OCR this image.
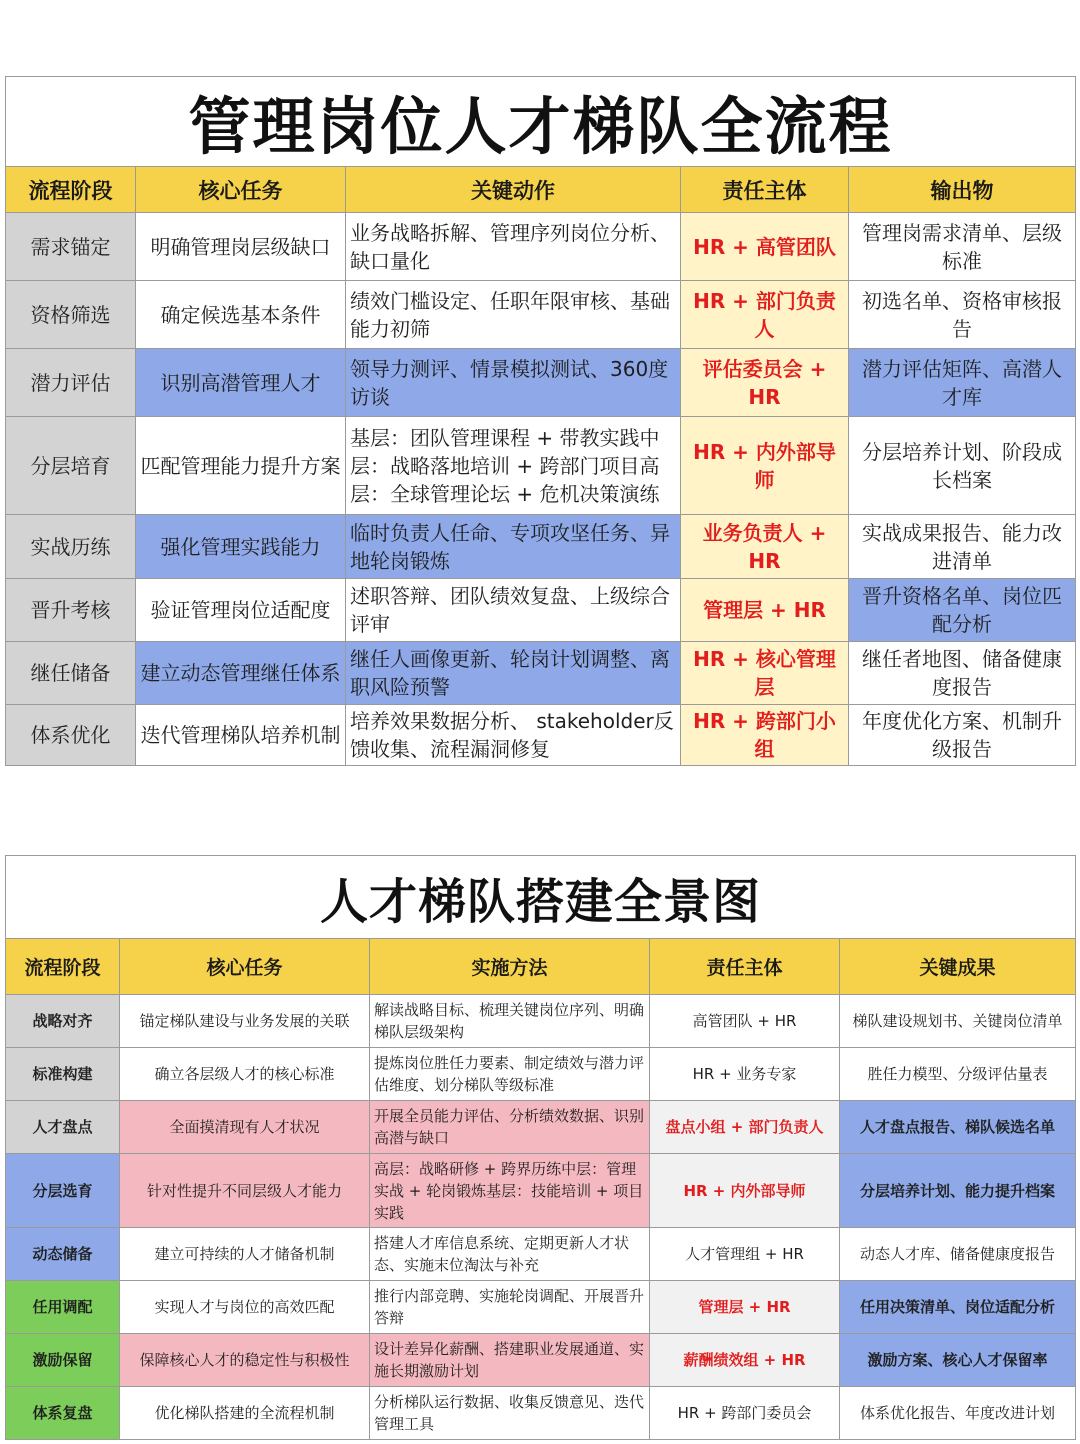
管理岗位人才梯队全流程				
流程阶段	核心任务	关键动作	责任主体	输出物
需求锚定	明确管理岗层级缺口	业务战略拆解、管理序列岗位分析、缺口量化	HR + 高管团队	管理岗需求清单、层级标准
资格筛选	确定候选基本条件	绩效门槛设定、任职年限审核、基础能力初筛	HR + 部门负责人	初选名单、资格审核报告
潜力评估	识别高潜管理人才	领导力测评、情景模拟测试、360度访谈	评估委员会 + HR	潜力评估矩阵、高潜人才库
分层培育	匹配管理能力提升方案	基层：团队管理课程 + 带教实践中层：战略落地培训 + 跨部门项目高层：全球管理论坛 + 危机决策演练	HR + 内外部导师	分层培养计划、阶段成长档案
实战历练	强化管理实践能力	临时负责人任命、专项攻坚任务、异地轮岗锻炼	业务负责人 + HR	实战成果报告、能力改进清单
晋升考核	验证管理岗位适配度	述职答辩、团队绩效复盘、上级综合评审	管理层 + HR	晋升资格名单、岗位匹配分析
继任储备	建立动态管理继任体系	继任人画像更新、轮岗计划调整、离职风险预警	HR + 核心管理层	继任者地图、储备健康度报告
体系优化	迭代管理梯队培养机制	培养效果数据分析、 stakeholder反馈收集、流程漏洞修复	HR + 跨部门小组	年度优化方案、机制升级报告
人才梯队搭建全景图				
流程阶段	核心任务	实施方法	责任主体	关键成果
战略对齐	锚定梯队建设与业务发展的关联	解读战略目标、梳理关键岗位序列、明确梯队层级架构	高管团队 + HR	梯队建设规划书、关键岗位清单
标准构建	确立各层级人才的核心标准	提炼岗位胜任力要素、制定绩效与潜力评估维度、划分梯队等级标准	HR + 业务专家	胜任力模型、分级评估量表
人才盘点	全面摸清现有人才状况	开展全员能力评估、分析绩效数据、识别高潜与缺口	盘点小组 + 部门负责人	人才盘点报告、梯队候选名单
分层选育	针对性提升不同层级人才能力	高层：战略研修 + 跨界历练中层：管理实战 + 轮岗锻炼基层：技能培训 + 项目实践	HR + 内外部导师	分层培养计划、能力提升档案
动态储备	建立可持续的人才储备机制	搭建人才库信息系统、定期更新人才状态、实施末位淘汰与补充	人才管理组 + HR	动态人才库、储备健康度报告
任用调配	实现人才与岗位的高效匹配	推行内部竞聘、实施轮岗调配、开展晋升答辩	管理层 + HR	任用决策清单、岗位适配分析
激励保留	保障核心人才的稳定性与积极性	设计差异化薪酬、搭建职业发展通道、实施长期激励计划	薪酬绩效组 + HR	激励方案、核心人才保留率
体系复盘	优化梯队搭建的全流程机制	分析梯队运行数据、收集反馈意见、迭代管理工具	HR + 跨部门委员会	体系优化报告、年度改进计划
